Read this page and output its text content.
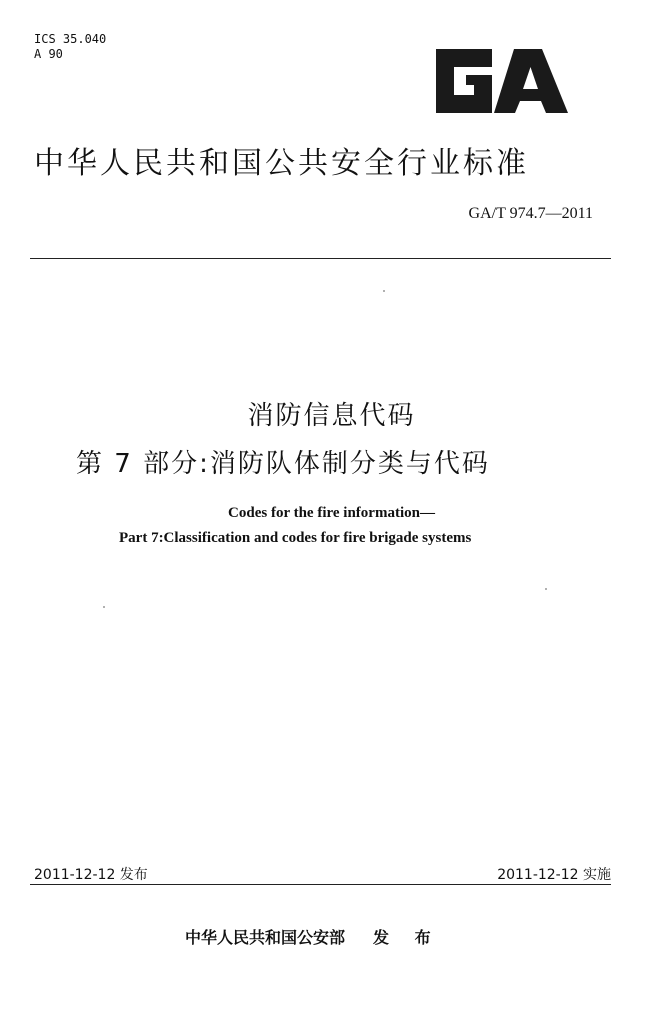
ICS 35.040
A 90
中华人民共和国公共安全行业标准
GA/T 974.7—2011
消防信息代码
第 7 部分:消防队体制分类与代码
Codes for the fire information—
Part 7:Classification and codes for fire brigade systems
2011-12-12 发布	2011-12-12 实施
中华人民共和国公安部 发 布
